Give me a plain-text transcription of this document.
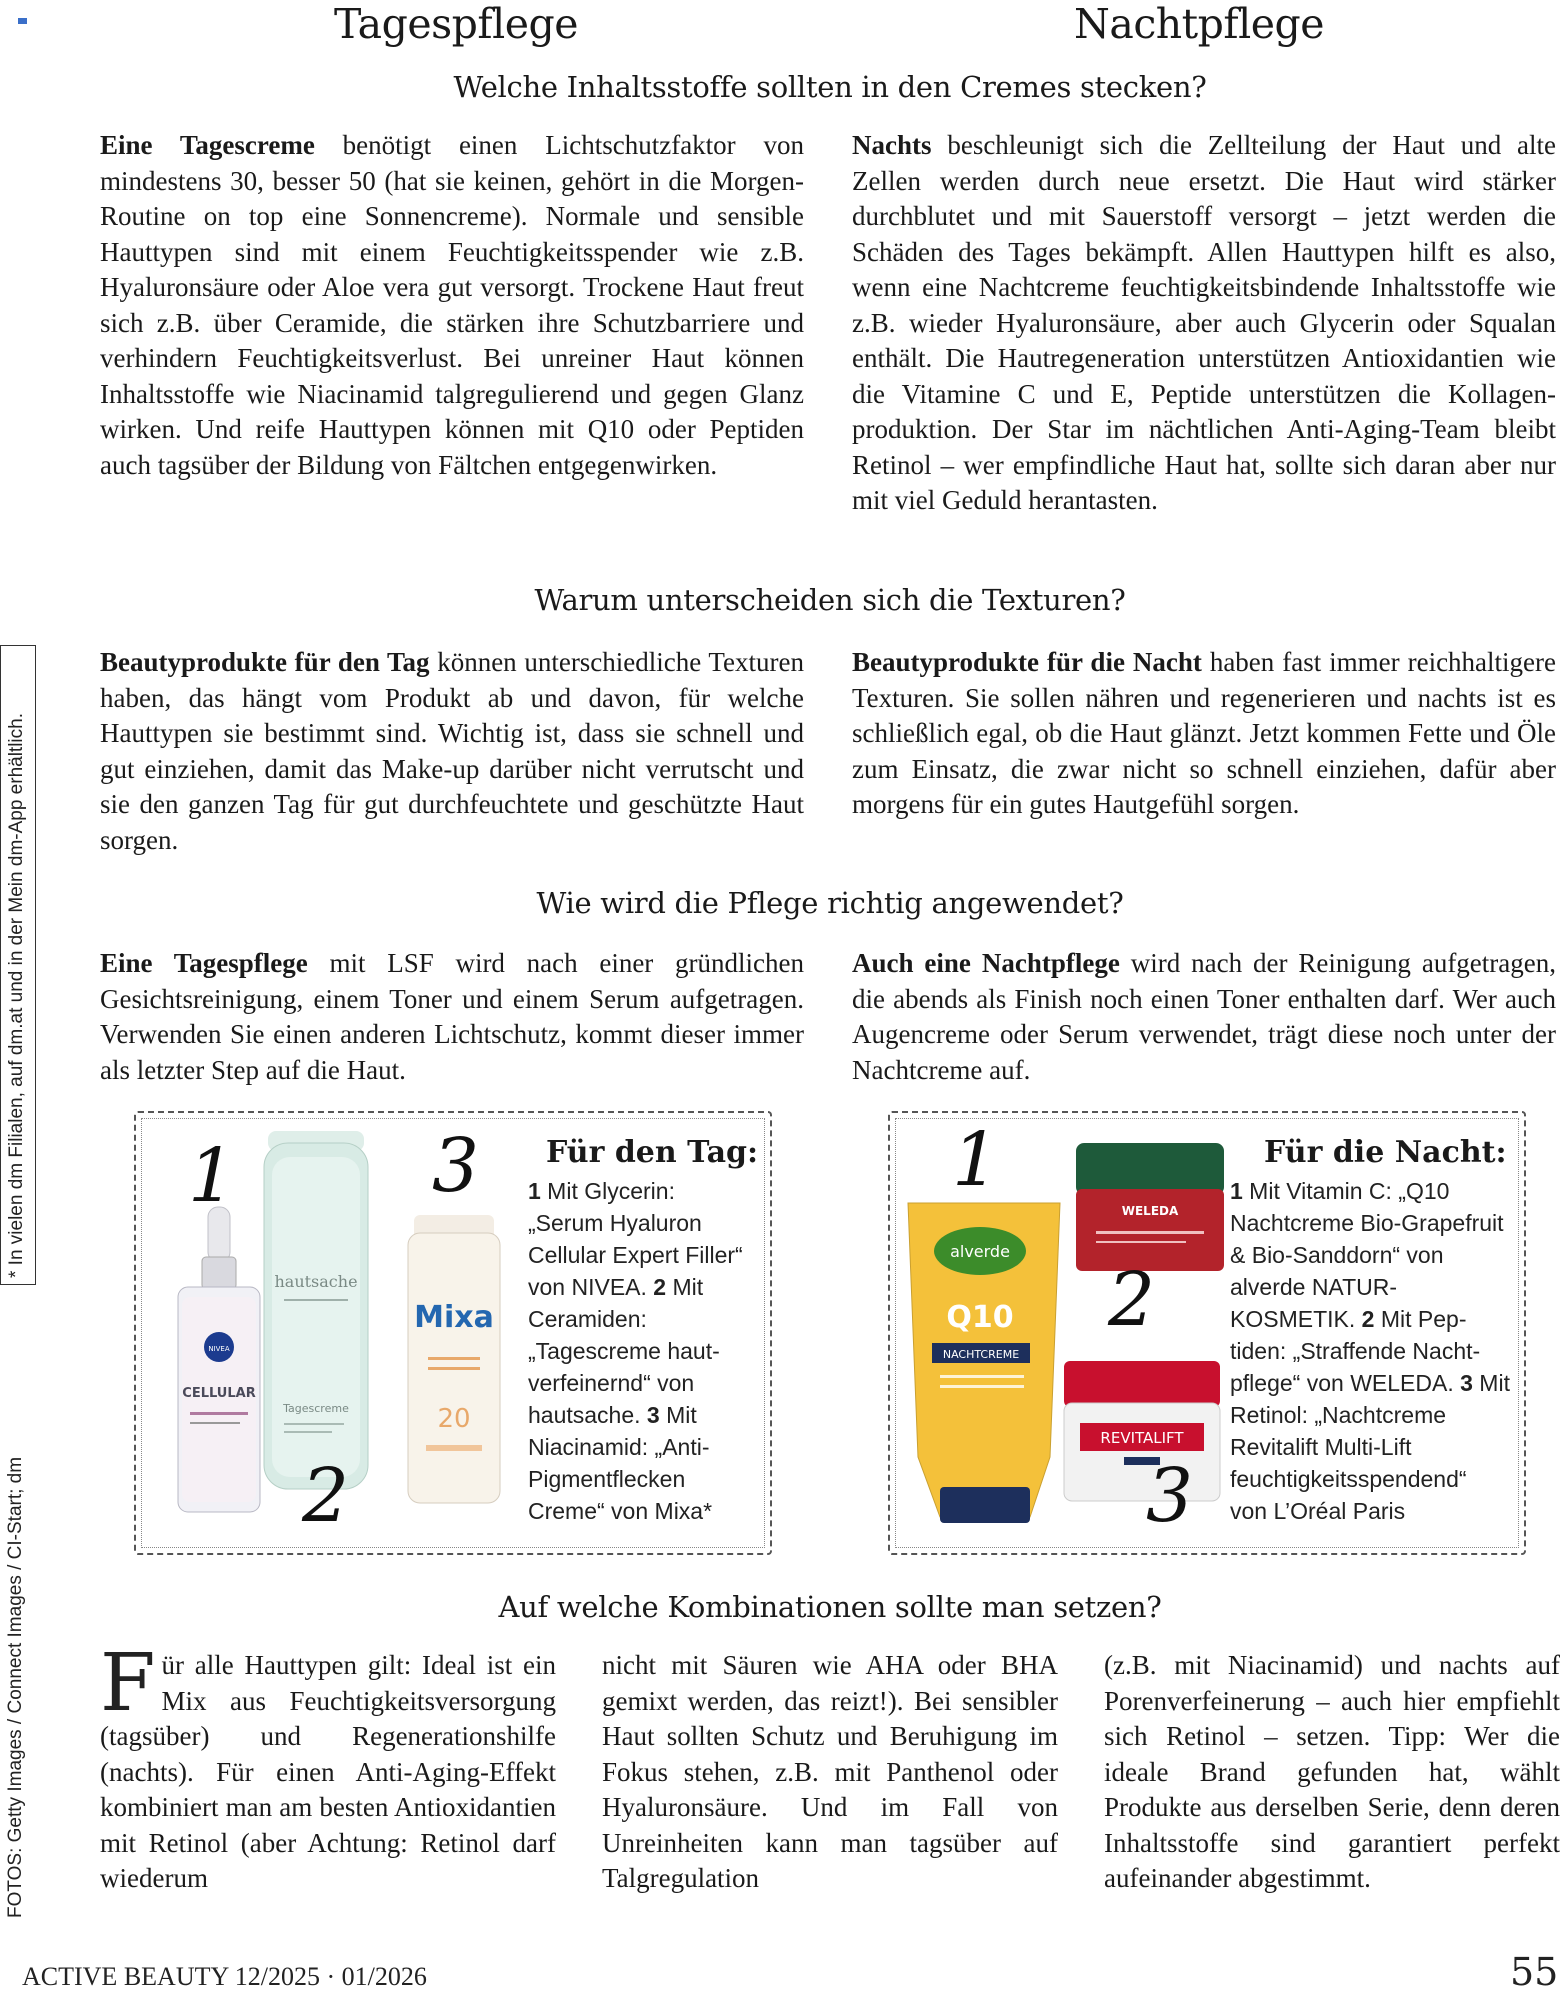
Tagespflege	Nachtpflege
Welche Inhaltsstoffe sollten in den Cremes stecken?
Eine Tagescreme benötigt einen Lichtschutzfaktor von mindestens 30, besser 50 (hat sie keinen, gehört in die Morgen-Routine on top eine Sonnencreme). Normale und sensible Hauttypen sind mit einem Feuchtigkeitsspender wie z.B. Hyaluronsäure oder Aloe vera gut versorgt. Trockene Haut freut sich z.B. über Ceramide, die stärken ihre Schutzbarriere und verhindern Feuchtigkeitsverlust. Bei unreiner Haut können Inhaltsstoffe wie Niacinamid talgregulierend und gegen Glanz wirken. Und reife Hauttypen können mit Q10 oder Peptiden auch tagsüber der Bildung von Fältchen entgegenwirken.
Nachts beschleunigt sich die Zellteilung der Haut und alte Zellen werden durch neue ersetzt. Die Haut wird stärker durchblutet und mit Sauerstoff versorgt – jetzt werden die Schäden des Tages bekämpft. Allen Hauttypen hilft es also, wenn eine Nachtcreme feuchtigkeitsbindende Inhaltsstoffe wie z.B. wieder Hyaluronsäure, aber auch Glycerin oder Squalan enthält. Die Hautregeneration unterstützen Antioxidantien wie die Vitamine C und E, Peptide unterstützen die Kollagenproduktion. Der Star im nächtlichen Anti-Aging-Team bleibt Retinol – wer empfindliche Haut hat, sollte sich daran aber nur mit viel Geduld herantasten.
Warum unterscheiden sich die Texturen?
Beautyprodukte für den Tag können unterschiedliche Texturen haben, das hängt vom Produkt ab und davon, für welche Hauttypen sie bestimmt sind. Wichtig ist, dass sie schnell und gut einziehen, damit das Make-up darüber nicht verrutscht und sie den ganzen Tag für gut durchfeuchtete und geschützte Haut sorgen.
Beautyprodukte für die Nacht haben fast immer reichhaltigere Texturen. Sie sollen nähren und regenerieren und nachts ist es schließlich egal, ob die Haut glänzt. Jetzt kommen Fette und Öle zum Einsatz, die zwar nicht so schnell einziehen, dafür aber morgens für ein gutes Hautgefühl sorgen.
Wie wird die Pflege richtig angewendet?
Eine Tagespflege mit LSF wird nach einer gründlichen Gesichtsreinigung, einem Toner und einem Serum aufgetragen. Verwenden Sie einen anderen Lichtschutz, kommt dieser immer als letzter Step auf die Haut.
Auch eine Nachtpflege wird nach der Reinigung aufgetragen, die abends als Finish noch einen Toner enthalten darf. Wer auch Augencreme oder Serum verwendet, trägt diese noch unter der Nachtcreme auf.
NIVEA
CELLULAR
hautsache
Tagescreme
Mixa
20
1	3
2
Für den Tag:
1 Mit Glycerin: „Serum Hyaluron Cellular Expert Filler“ von NIVEA. 2 Mit Ceramiden: „Tagescreme hautverfeinernd“ von hautsache. 3 Mit Niacinamid: „Anti-Pigmentflecken Creme“ von Mixa*
alverde
Q10
NACHTCREME
WELEDA
REVITALIFT
1
2
3
Für die Nacht:
1 Mit Vitamin C: „Q10 Nachtcreme Bio-Grapefruit & Bio-Sanddorn“ von alverde NATURKOSMETIK. 2 Mit Peptiden: „Straffende Nachtpflege“ von WELEDA. 3 Mit Retinol: „Nachtcreme Revitalift Multi-Lift feuchtigkeitsspendend“ von L’Oréal Paris
Auf welche Kombinationen sollte man setzen?
Für alle Hauttypen gilt: Ideal ist ein Mix aus Feuchtigkeitsversorgung (tagsüber) und Regenerationshilfe (nachts). Für einen Anti-Aging-Effekt kombiniert man am besten Antioxidantien mit Retinol (aber Achtung: Retinol darf wiederum
nicht mit Säuren wie AHA oder BHA gemixt werden, das reizt!). Bei sensibler Haut sollten Schutz und Beruhigung im Fokus stehen, z.B. mit Panthenol oder Hyaluronsäure. Und im Fall von Unreinheiten kann man tagsüber auf Talgregulation
(z.B. mit Niacinamid) und nachts auf Porenverfeinerung – auch hier empfiehlt sich Retinol – setzen. Tipp: Wer die ideale Brand gefunden hat, wählt Produkte aus derselben Serie, denn deren Inhaltsstoffe sind garantiert perfekt aufeinander abgestimmt.
* In vielen dm Filialen, auf dm.at und in der Mein dm-App erhältlich.
FOTOS: Getty Images / Connect Images / CI-Start; dm
ACTIVE BEAUTY 12/2025 · 01/2026	55
